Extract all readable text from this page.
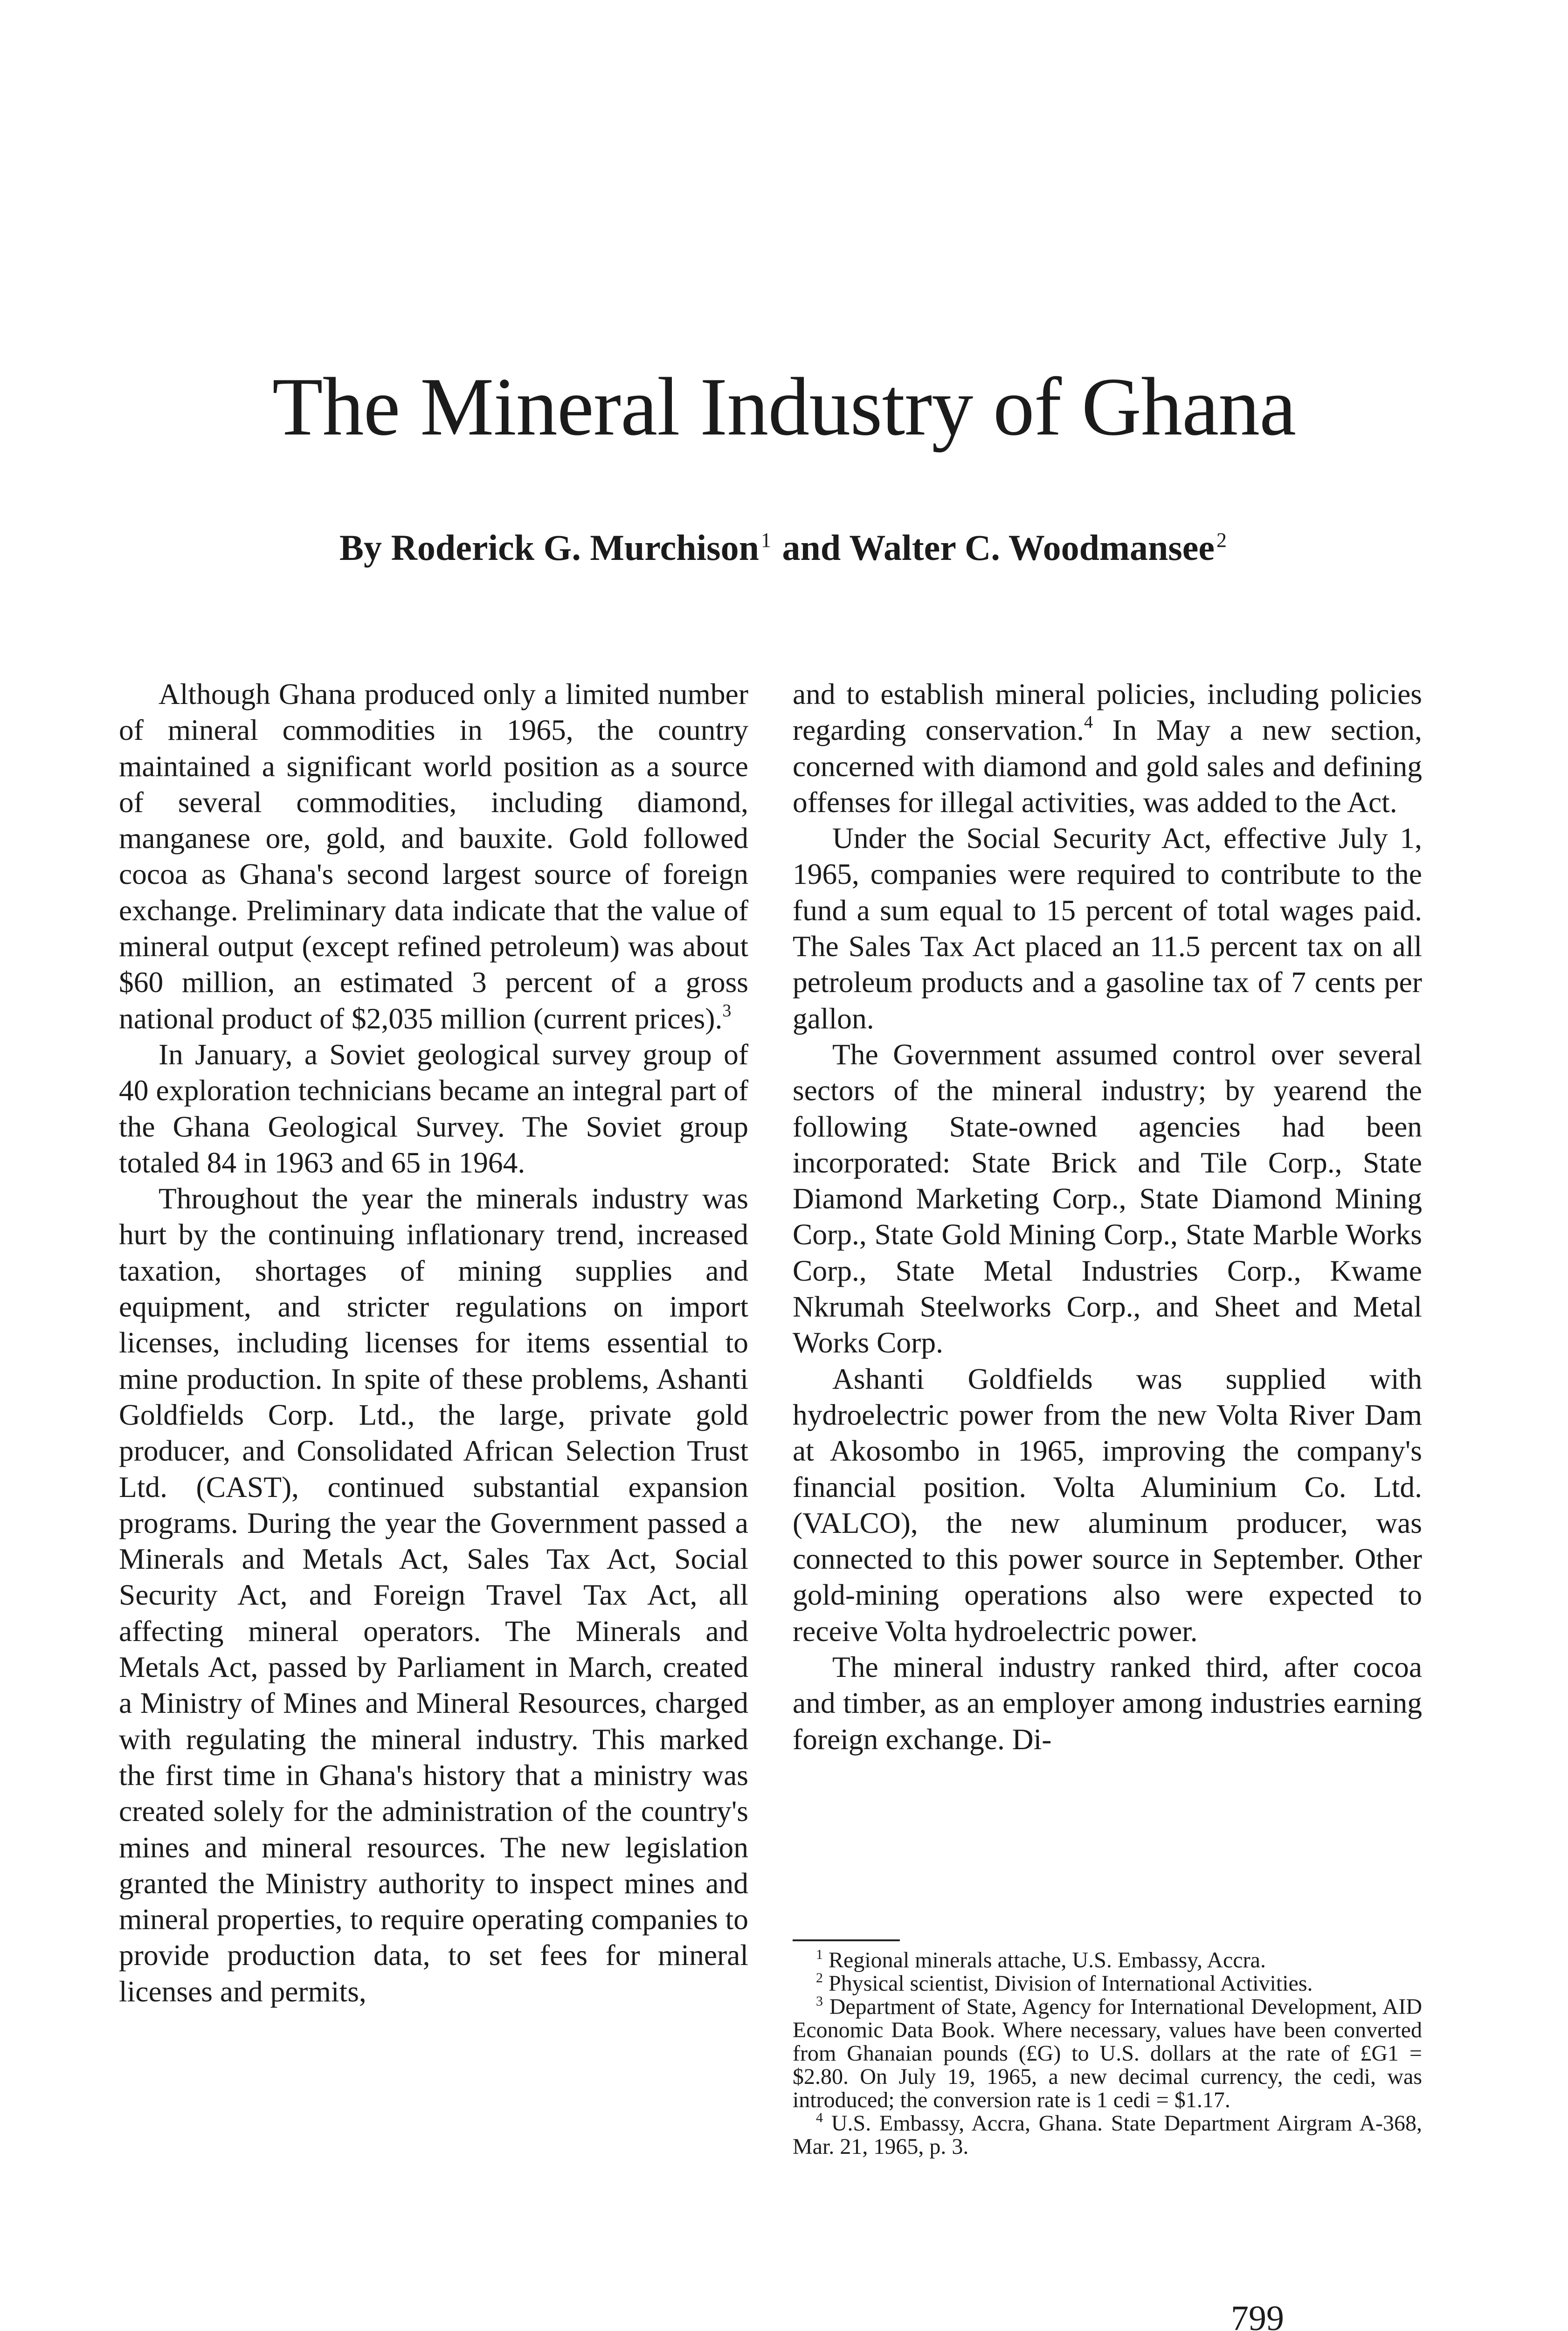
The Mineral Industry of Ghana
By Roderick G. Murchison$^1$ and Walter C. Woodmansee$^2$

Although Ghana produced only a limited number of mineral commodities in 1965, the country maintained a significant world position as a source of several commodities, including diamond, manganese ore, gold, and bauxite. Gold followed cocoa as Ghana's second largest source of foreign exchange. Preliminary data indicate that the value of mineral output (except refined petroleum) was about $60 million, an estimated 3 percent of a gross national product of $2,035 million (current prices).$^3$

In January, a Soviet geological survey group of 40 exploration technicians became an integral part of the Ghana Geological Survey. The Soviet group totaled 84 in 1963 and 65 in 1964.

Throughout the year the minerals industry was hurt by the continuing inflationary trend, increased taxation, shortages of mining supplies and equipment, and stricter regulations on import licenses, including licenses for items essential to mine production. In spite of these problems, Ashanti Goldfields Corp. Ltd., the large, private gold producer, and Consolidated African Selection Trust Ltd. (CAST), continued substantial expansion programs. During the year the Government passed a Minerals and Metals Act, Sales Tax Act, Social Security Act, and Foreign Travel Tax Act, all affecting mineral operators. The Minerals and Metals Act, passed by Parliament in March, created a Ministry of Mines and Mineral Resources, charged with regulating the mineral industry. This marked the first time in Ghana's history that a ministry was created solely for the administration of the country's mines and mineral resources. The new legislation granted the Ministry authority to inspect mines and mineral properties, to require operating companies to provide production data, to set fees for mineral licenses and permits,

and to establish mineral policies, including policies regarding conservation.$^4$ In May a new section, concerned with diamond and gold sales and defining offenses for illegal activities, was added to the Act.

Under the Social Security Act, effective July 1, 1965, companies were required to contribute to the fund a sum equal to 15 percent of total wages paid. The Sales Tax Act placed an 11.5 percent tax on all petroleum products and a gasoline tax of 7 cents per gallon.

The Government assumed control over several sectors of the mineral industry; by yearend the following State-owned agencies had been incorporated: State Brick and Tile Corp., State Diamond Marketing Corp., State Diamond Mining Corp., State Gold Mining Corp., State Marble Works Corp., State Metal Industries Corp., Kwame Nkrumah Steelworks Corp., and Sheet and Metal Works Corp.

Ashanti Goldfields was supplied with hydroelectric power from the new Volta River Dam at Akosombo in 1965, improving the company's financial position. Volta Aluminium Co. Ltd. (VALCO), the new aluminum producer, was connected to this power source in September. Other gold-mining operations also were expected to receive Volta hydroelectric power.

The mineral industry ranked third, after cocoa and timber, as an employer among industries earning foreign exchange. Di-

$^1$ Regional minerals attache, U.S. Embassy, Accra.

$^2$ Physical scientist, Division of International Activities.

$^3$ Department of State, Agency for International Development, AID Economic Data Book. Where necessary, values have been converted from Ghanaian pounds (£G) to U.S. dollars at the rate of £G1 = $2.80. On July 19, 1965, a new decimal currency, the cedi, was introduced; the conversion rate is 1 cedi = $1.17.

$^4$ U.S. Embassy, Accra, Ghana. State Department Airgram A-368, Mar. 21, 1965, p. 3.

799
